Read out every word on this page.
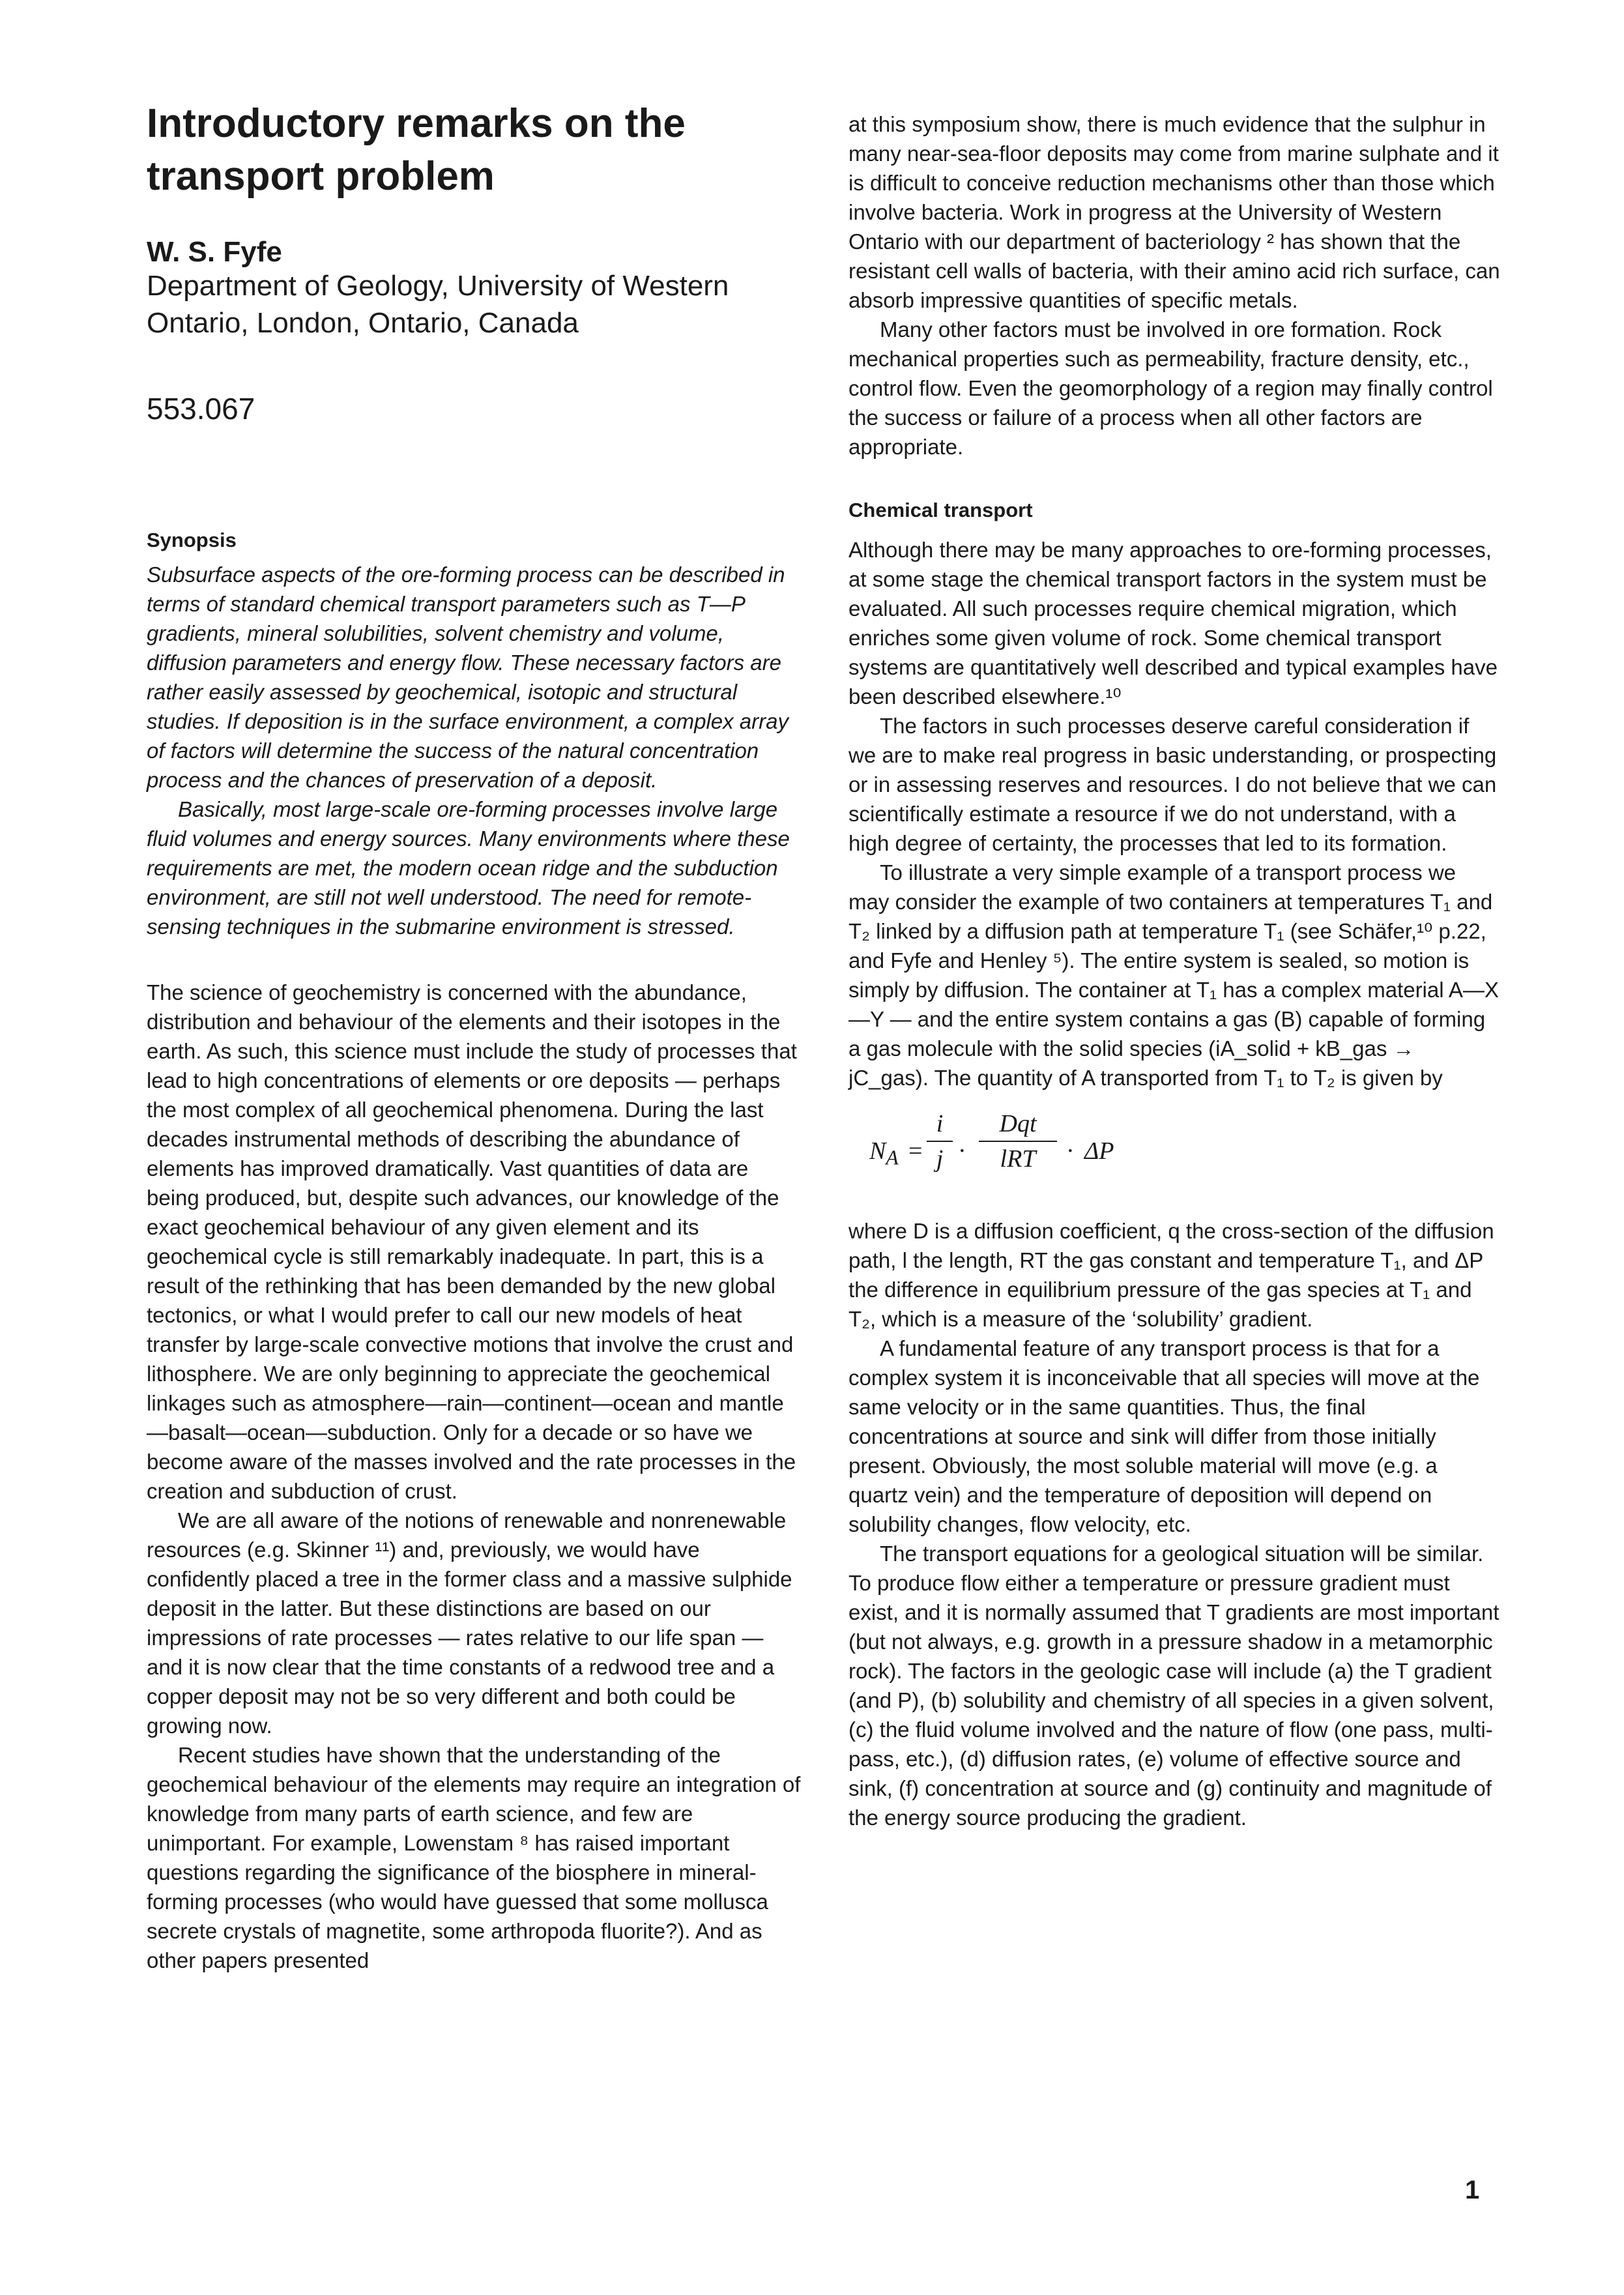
Introductory remarks on the transport problem
W. S. Fyfe
Department of Geology, University of Western Ontario, London, Ontario, Canada
553.067
Synopsis

Subsurface aspects of the ore-forming process can be described in terms of standard chemical transport parameters such as T—P gradients, mineral solubilities, solvent chemistry and volume, diffusion parameters and energy flow. These necessary factors are rather easily assessed by geochemical, isotopic and structural studies. If deposition is in the surface environment, a complex array of factors will determine the success of the natural concentration process and the chances of preservation of a deposit.

Basically, most large-scale ore-forming processes involve large fluid volumes and energy sources. Many environments where these requirements are met, the modern ocean ridge and the subduction environment, are still not well understood. The need for remote-sensing techniques in the submarine environment is stressed.

The science of geochemistry is concerned with the abundance, distribution and behaviour of the elements and their isotopes in the earth. As such, this science must include the study of processes that lead to high concentrations of elements or ore deposits — perhaps the most complex of all geochemical phenomena. During the last decades instrumental methods of describing the abundance of elements has improved dramatically. Vast quantities of data are being produced, but, despite such advances, our knowledge of the exact geochemical behaviour of any given element and its geochemical cycle is still remarkably inadequate. In part, this is a result of the rethinking that has been demanded by the new global tectonics, or what I would prefer to call our new models of heat transfer by large-scale convective motions that involve the crust and lithosphere. We are only beginning to appreciate the geochemical linkages such as atmosphere—rain—continent—ocean and mantle—basalt—ocean—subduction. Only for a decade or so have we become aware of the masses involved and the rate processes in the creation and subduction of crust.

We are all aware of the notions of renewable and nonrenewable resources (e.g. Skinner ¹¹) and, previously, we would have confidently placed a tree in the former class and a massive sulphide deposit in the latter. But these distinctions are based on our impressions of rate processes — rates relative to our life span — and it is now clear that the time constants of a redwood tree and a copper deposit may not be so very different and both could be growing now.

Recent studies have shown that the understanding of the geochemical behaviour of the elements may require an integration of knowledge from many parts of earth science, and few are unimportant. For example, Lowenstam ⁸ has raised important questions regarding the significance of the biosphere in mineral-forming processes (who would have guessed that some mollusca secrete crystals of magnetite, some arthropoda fluorite?). And as other papers presented

at this symposium show, there is much evidence that the sulphur in many near-sea-floor deposits may come from marine sulphate and it is difficult to conceive reduction mechanisms other than those which involve bacteria. Work in progress at the University of Western Ontario with our department of bacteriology ² has shown that the resistant cell walls of bacteria, with their amino acid rich surface, can absorb impressive quantities of specific metals.

Many other factors must be involved in ore formation. Rock mechanical properties such as permeability, fracture density, etc., control flow. Even the geomorphology of a region may finally control the success or failure of a process when all other factors are appropriate.

Chemical transport

Although there may be many approaches to ore-forming processes, at some stage the chemical transport factors in the system must be evaluated. All such processes require chemical migration, which enriches some given volume of rock. Some chemical transport systems are quantitatively well described and typical examples have been described elsewhere.¹⁰

The factors in such processes deserve careful consideration if we are to make real progress in basic understanding, or prospecting or in assessing reserves and resources. I do not believe that we can scientifically estimate a resource if we do not understand, with a high degree of certainty, the processes that led to its formation.

To illustrate a very simple example of a transport process we may consider the example of two containers at temperatures T₁ and T₂ linked by a diffusion path at temperature T₁ (see Schäfer,¹⁰ p.22, and Fyfe and Henley ⁵). The entire system is sealed, so motion is simply by diffusion. The container at T₁ has a complex material A—X—Y — and the entire system contains a gas (B) capable of forming a gas molecule with the solid species (iA_solid + kB_gas → jC_gas). The quantity of A transported from T₁ to T₂ is given by

$N_A$ =
i
j ·
Dqt
lRT	· ΔP

where D is a diffusion coefficient, q the cross-section of the diffusion path, l the length, RT the gas constant and temperature T₁, and ΔP the difference in equilibrium pressure of the gas species at T₁ and T₂, which is a measure of the ‘solubility’ gradient.

A fundamental feature of any transport process is that for a complex system it is inconceivable that all species will move at the same velocity or in the same quantities. Thus, the final concentrations at source and sink will differ from those initially present. Obviously, the most soluble material will move (e.g. a quartz vein) and the temperature of deposition will depend on solubility changes, flow velocity, etc.

The transport equations for a geological situation will be similar. To produce flow either a temperature or pressure gradient must exist, and it is normally assumed that T gradients are most important (but not always, e.g. growth in a pressure shadow in a metamorphic rock). The factors in the geologic case will include (a) the T gradient (and P), (b) solubility and chemistry of all species in a given solvent, (c) the fluid volume involved and the nature of flow (one pass, multi-pass, etc.), (d) diffusion rates, (e) volume of effective source and sink, (f) concentration at source and (g) continuity and magnitude of the energy source producing the gradient.

1
